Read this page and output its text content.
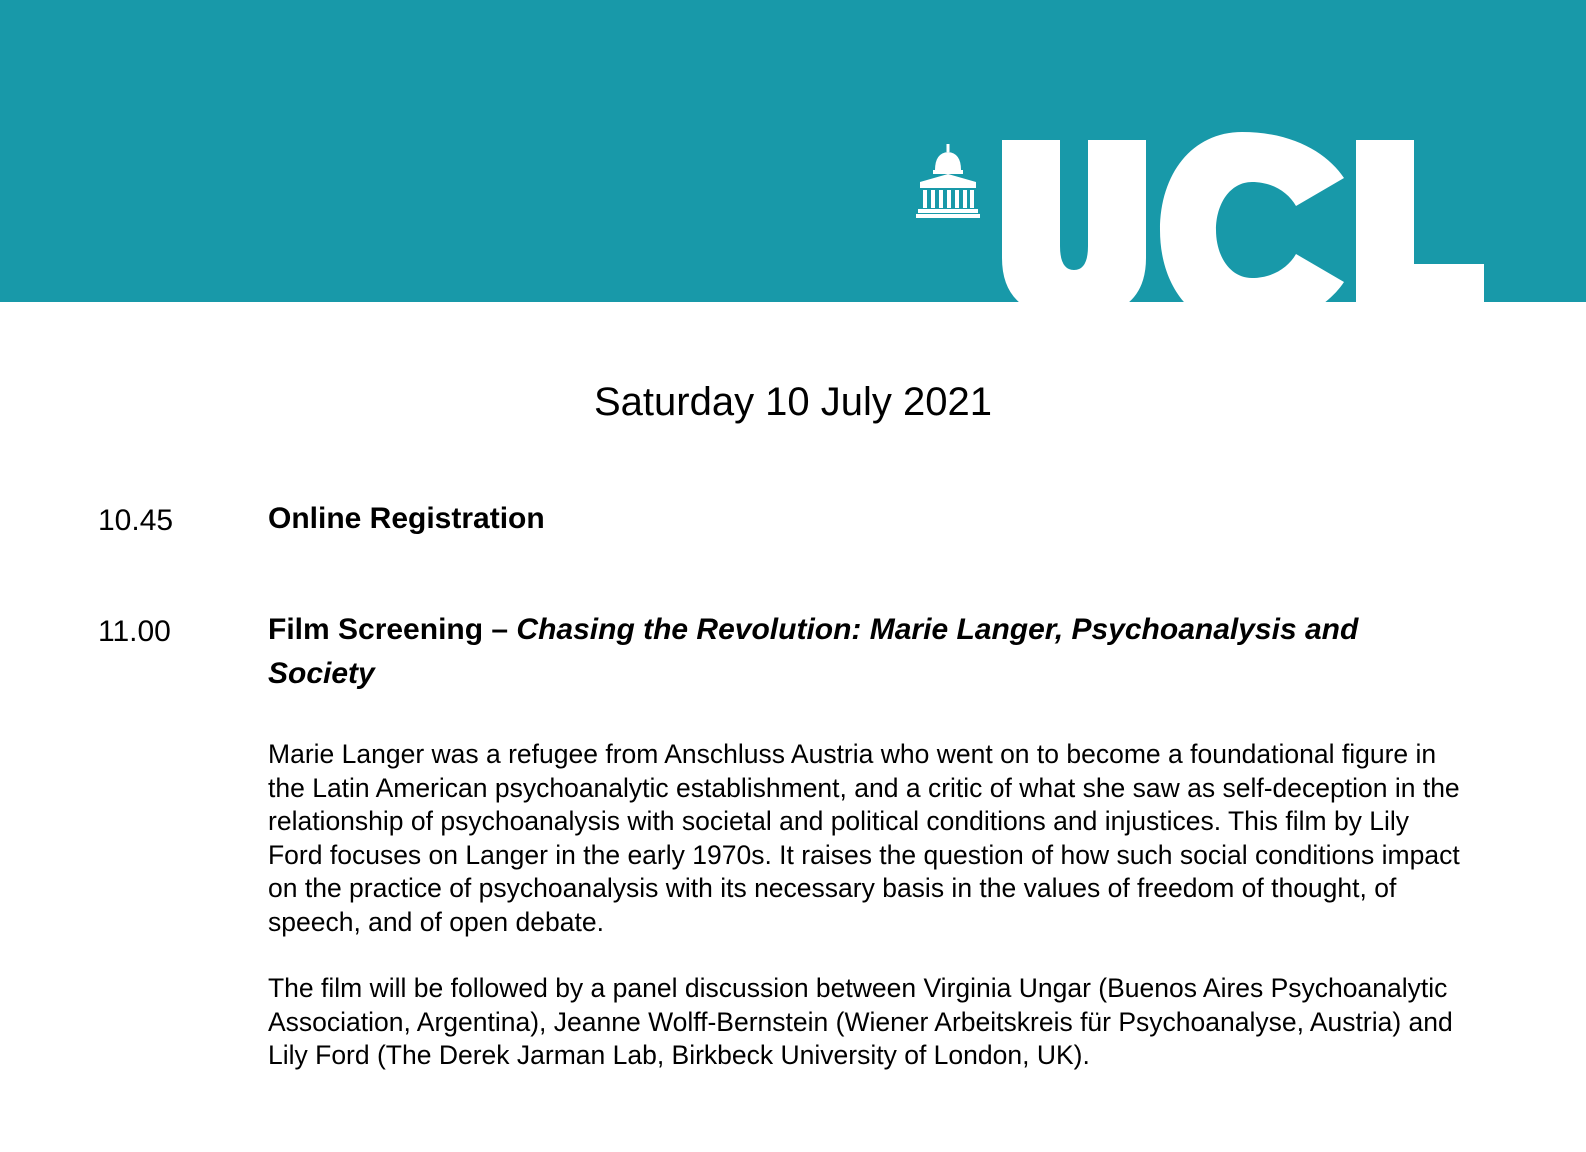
Saturday 10 July 2021
10.45	Online Registration
11.00	Film Screening – Chasing the Revolution: Marie Langer, Psychoanalysis and Society

Marie Langer was a refugee from Anschluss Austria who went on to become a foundational figure in the Latin American psychoanalytic establishment, and a critic of what she saw as self-deception in the relationship of psychoanalysis with societal and political conditions and injustices. This film by Lily Ford focuses on Langer in the early 1970s. It raises the question of how such social conditions impact on the practice of psychoanalysis with its necessary basis in the values of freedom of thought, of speech, and of open debate.

The film will be followed by a panel discussion between Virginia Ungar (Buenos Aires Psychoanalytic Association, Argentina), Jeanne Wolff-Bernstein (Wiener Arbeitskreis für Psychoanalyse, Austria) and Lily Ford (The Derek Jarman Lab, Birkbeck University of London, UK).
